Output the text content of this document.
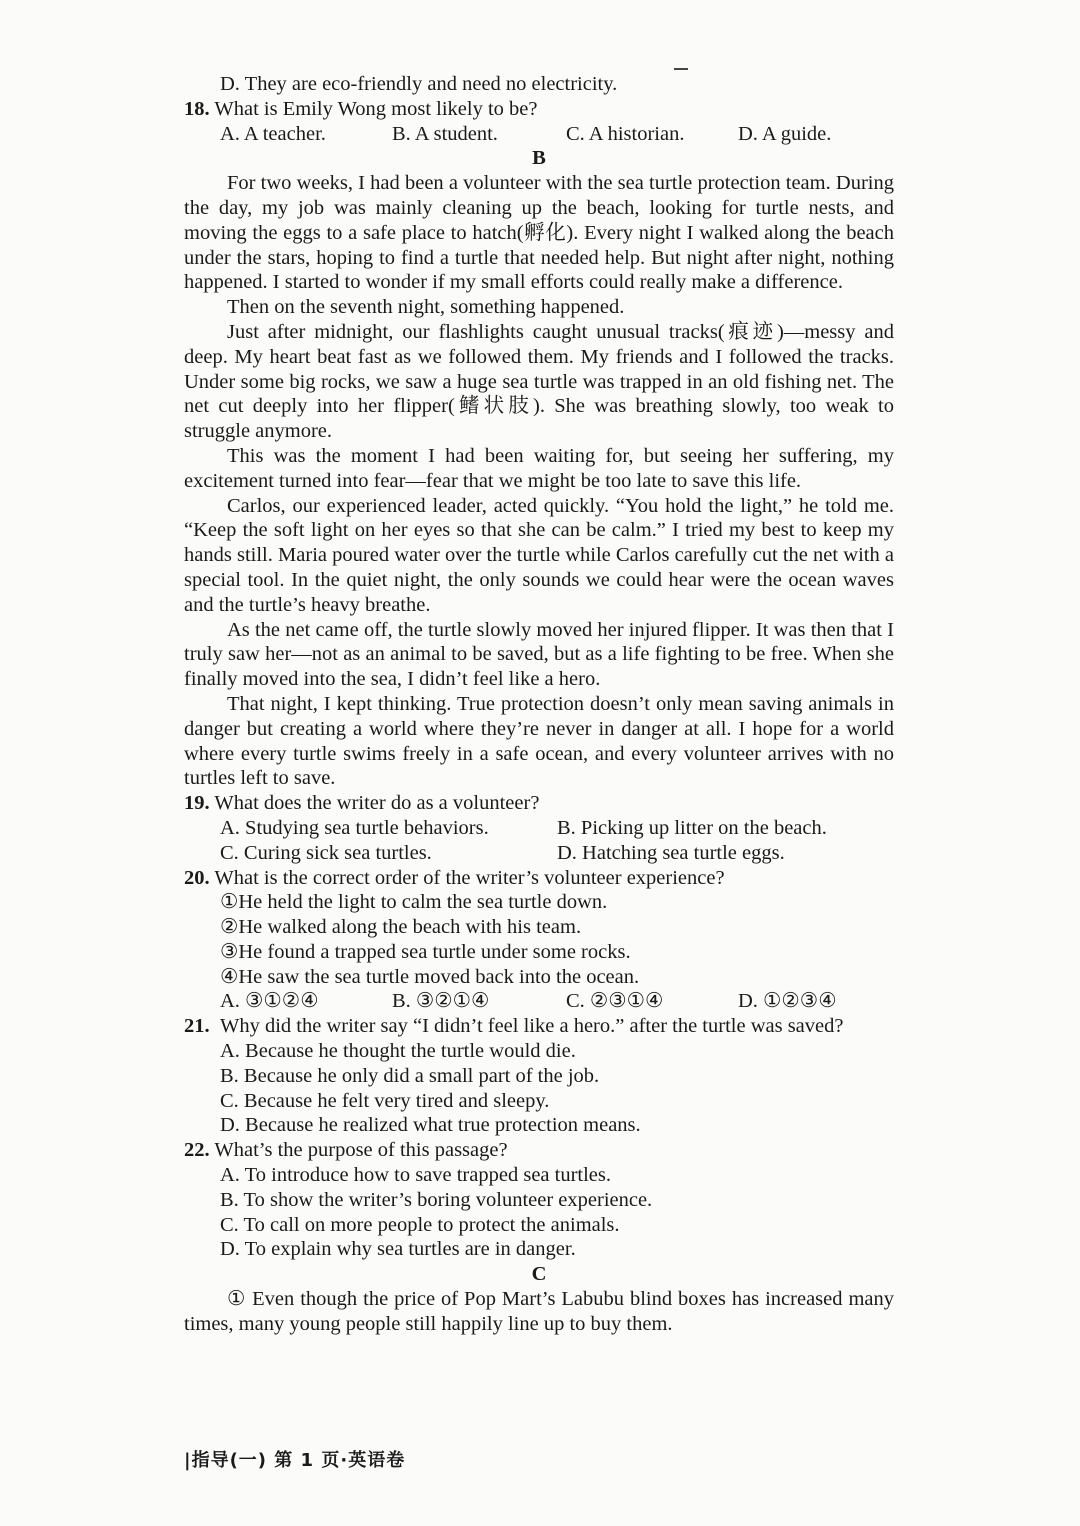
D. They are eco-friendly and need no electricity.
18. What is Emily Wong most likely to be?
A. A teacher.	B. A student.	C. A historian.	D. A guide.
B
For two weeks, I had been a volunteer with the sea turtle protection team. During the day, my job was mainly cleaning up the beach, looking for turtle nests, and moving the eggs to a safe place to hatch(孵化). Every night I walked along the beach under the stars, hoping to find a turtle that needed help. But night after night, nothing happened. I started to wonder if my small efforts could really make a difference.
Then on the seventh night, something happened.
Just after midnight, our flashlights caught unusual tracks(痕迹)—messy and deep. My heart beat fast as we followed them. My friends and I followed the tracks. Under some big rocks, we saw a huge sea turtle was trapped in an old fishing net. The net cut deeply into her flipper(鳍状肢). She was breathing slowly, too weak to struggle anymore.
This was the moment I had been waiting for, but seeing her suffering, my excitement turned into fear—fear that we might be too late to save this life.
Carlos, our experienced leader, acted quickly. “You hold the light,” he told me. “Keep the soft light on her eyes so that she can be calm.” I tried my best to keep my hands still. Maria poured water over the turtle while Carlos carefully cut the net with a special tool. In the quiet night, the only sounds we could hear were the ocean waves and the turtle’s heavy breathe.
As the net came off, the turtle slowly moved her injured flipper. It was then that I truly saw her—not as an animal to be saved, but as a life fighting to be free. When she finally moved into the sea, I didn’t feel like a hero.
That night, I kept thinking. True protection doesn’t only mean saving animals in danger but creating a world where they’re never in danger at all. I hope for a world where every turtle swims freely in a safe ocean, and every volunteer arrives with no turtles left to save.
19. What does the writer do as a volunteer?
A. Studying sea turtle behaviors.	B. Picking up litter on the beach.
C. Curing sick sea turtles.	D. Hatching sea turtle eggs.
20. What is the correct order of the writer’s volunteer experience?
①He held the light to calm the sea turtle down.
②He walked along the beach with his team.
③He found a trapped sea turtle under some rocks.
④He saw the sea turtle moved back into the ocean.
A. ③①②④	B. ③②①④	C. ②③①④	D. ①②③④
21. Why did the writer say “I didn’t feel like a hero.” after the turtle was saved?
A. Because he thought the turtle would die.
B. Because he only did a small part of the job.
C. Because he felt very tired and sleepy.
D. Because he realized what true protection means.
22. What’s the purpose of this passage?
A. To introduce how to save trapped sea turtles.
B. To show the writer’s boring volunteer experience.
C. To call on more people to protect the animals.
D. To explain why sea turtles are in danger.
C
① Even though the price of Pop Mart’s Labubu blind boxes has increased many times, many young people still happily line up to buy them.
|指导(一) 第 1 页·英语卷
